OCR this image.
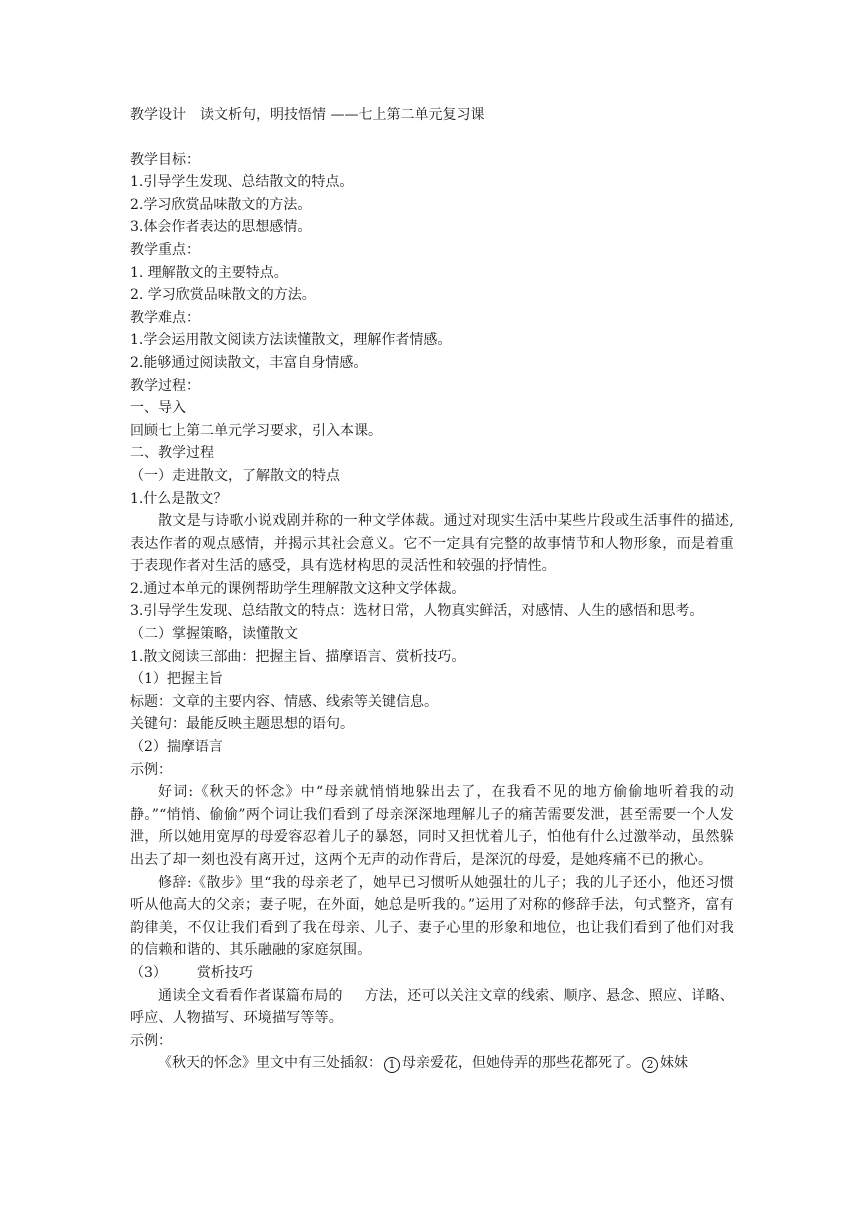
教学设计　读文析句，明技悟情 ——七上第二单元复习课

教学目标：

1.引导学生发现、总结散文的特点。

2.学习欣赏品味散文的方法。

3.体会作者表达的思想感情。

教学重点：

1. 理解散文的主要特点。

2. 学习欣赏品味散文的方法。

教学难点：

1.学会运用散文阅读方法读懂散文，理解作者情感。

2.能够通过阅读散文，丰富自身情感。

教学过程：

一、导入

回顾七上第二单元学习要求，引入本课。

二、教学过程

（一）走进散文，了解散文的特点

1.什么是散文？

散文是与诗歌小说戏剧并称的一种文学体裁。通过对现实生活中某些片段或生活事件的描述,表达作者的观点感情，并揭示其社会意义。它不一定具有完整的故事情节和人物形象，而是着重于表现作者对生活的感受，具有选材构思的灵活性和较强的抒情性。

2.通过本单元的课例帮助学生理解散文这种文学体裁。

3.引导学生发现、总结散文的特点：选材日常，人物真实鲜活，对感情、人生的感悟和思考。

（二）掌握策略，读懂散文

1.散文阅读三部曲：把握主旨、描摩语言、赏析技巧。

（1）把握主旨

标题：文章的主要内容、情感、线索等关键信息。

关键句：最能反映主题思想的语句。

（2）揣摩语言

示例：

好词:《秋天的怀念》中“母亲就悄悄地躲出去了，在我看不见的地方偷偷地听着我的动静。”“悄悄、偷偷”两个词让我们看到了母亲深深地理解儿子的痛苦需要发泄，甚至需要一个人发泄，所以她用宽厚的母爱容忍着儿子的暴怒，同时又担忧着儿子，怕他有什么过激举动，虽然躲出去了却一刻也没有离开过，这两个无声的动作背后，是深沉的母爱，是她疼痛不已的揪心。

修辞:《散步》里“我的母亲老了，她早已习惯听从她强壮的儿子；我的儿子还小，他还习惯听从他高大的父亲；妻子呢，在外面，她总是听我的。”运用了对称的修辞手法，句式整齐，富有韵律美，不仅让我们看到了我在母亲、儿子、妻子心里的形象和地位，也让我们看到了他们对我的信赖和谐的、其乐融融的家庭氛围。

（3） 赏析技巧

通读全文看看作者谋篇布局的 方法，还可以关注文章的线索、顺序、悬念、照应、详略、呼应、人物描写、环境描写等等。

示例：

《秋天的怀念》里文中有三处插叙： 1 母亲爱花，但她侍弄的那些花都死了。 2 妹妹
